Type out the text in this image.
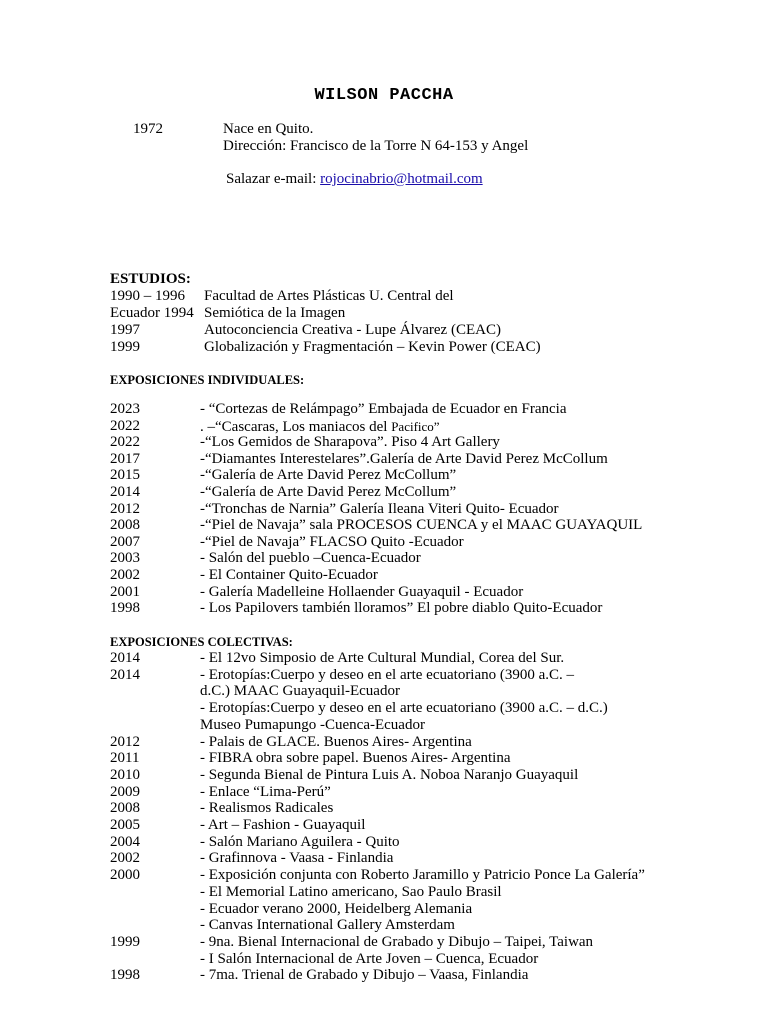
WILSON PACCHA
1972	Nace en Quito.
Dirección: Francisco de la Torre N 64-153 y Angel
Salazar e-mail: rojocinabrio@hotmail.com
ESTUDIOS:
1990 – 1996 Facultad de Artes Plásticas U. Central del
Ecuador 1994 Semiótica de la Imagen
1997	Autoconciencia Creativa - Lupe Álvarez (CEAC)
1999	Globalización y Fragmentación – Kevin Power (CEAC)
EXPOSICIONES INDIVIDUALES:
2023	- “Cortezas de Relámpago” Embajada de Ecuador en Francia
2022	. –“Cascaras, Los maniacos del Pacifico”
2022	-“Los Gemidos de Sharapova”. Piso 4 Art Gallery
2017	-“Diamantes Interestelares”.Galería de Arte David Perez McCollum
2015	-“Galería de Arte David Perez McCollum”
2014	-“Galería de Arte David Perez McCollum”
2012	-“Tronchas de Narnia” Galería Ileana Viteri Quito- Ecuador
2008	-“Piel de Navaja” sala PROCESOS CUENCA y el MAAC GUAYAQUIL
2007	-“Piel de Navaja” FLACSO Quito -Ecuador
2003	- Salón del pueblo –Cuenca-Ecuador
2002	- El Container Quito-Ecuador
2001	- Galería Madelleine Hollaender Guayaquil - Ecuador
1998	- Los Papilovers también lloramos” El pobre diablo Quito-Ecuador
EXPOSICIONES COLECTIVAS:
2014	- El 12vo Simposio de Arte Cultural Mundial, Corea del Sur.
2014	- Erotopías:Cuerpo y deseo en el arte ecuatoriano (3900 a.C. –
d.C.) MAAC Guayaquil-Ecuador
- Erotopías:Cuerpo y deseo en el arte ecuatoriano (3900 a.C. – d.C.)
Museo Pumapungo -Cuenca-Ecuador
2012	- Palais de GLACE. Buenos Aires- Argentina
2011	- FIBRA obra sobre papel. Buenos Aires- Argentina
2010	- Segunda Bienal de Pintura Luis A. Noboa Naranjo Guayaquil
2009	- Enlace “Lima-Perú”
2008	- Realismos Radicales
2005	- Art – Fashion - Guayaquil
2004	- Salón Mariano Aguilera - Quito
2002	- Grafinnova - Vaasa - Finlandia
2000	- Exposición conjunta con Roberto Jaramillo y Patricio Ponce La Galería”
- El Memorial Latino americano, Sao Paulo Brasil
- Ecuador verano 2000, Heidelberg Alemania
- Canvas International Gallery Amsterdam
1999	- 9na. Bienal Internacional de Grabado y Dibujo – Taipei, Taiwan
- I Salón Internacional de Arte Joven – Cuenca, Ecuador
1998	- 7ma. Trienal de Grabado y Dibujo – Vaasa, Finlandia
